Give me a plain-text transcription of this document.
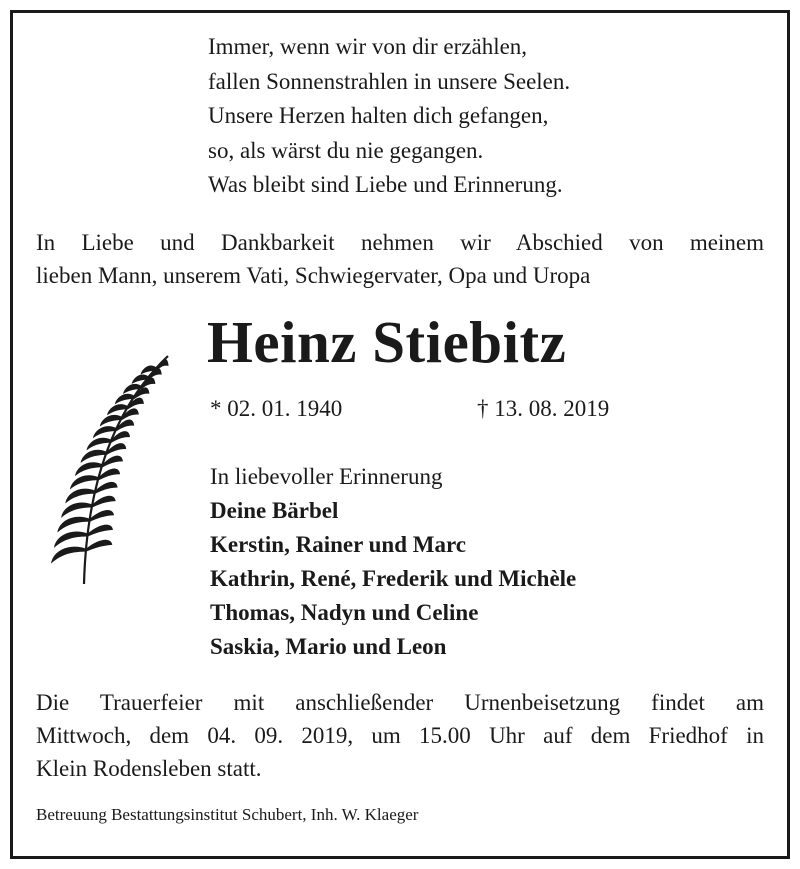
Immer, wenn wir von dir erzählen,
fallen Sonnenstrahlen in unsere Seelen.
Unsere Herzen halten dich gefangen,
so, als wärst du nie gegangen.
Was bleibt sind Liebe und Erinnerung.
In Liebe und Dankbarkeit nehmen wir Abschied von meinem
lieben Mann, unserem Vati, Schwiegervater, Opa und Uropa
Heinz Stiebitz
* 02. 01. 1940	† 13. 08. 2019
In liebevoller Erinnerung
Deine Bärbel
Kerstin, Rainer und Marc
Kathrin, René, Frederik und Michèle
Thomas, Nadyn und Celine
Saskia, Mario und Leon
Die Trauerfeier mit anschließender Urnenbeisetzung findet am
Mittwoch, dem 04. 09. 2019, um 15.00 Uhr auf dem Friedhof in
Klein Rodensleben statt.
Betreuung Bestattungsinstitut Schubert, Inh. W. Klaeger
